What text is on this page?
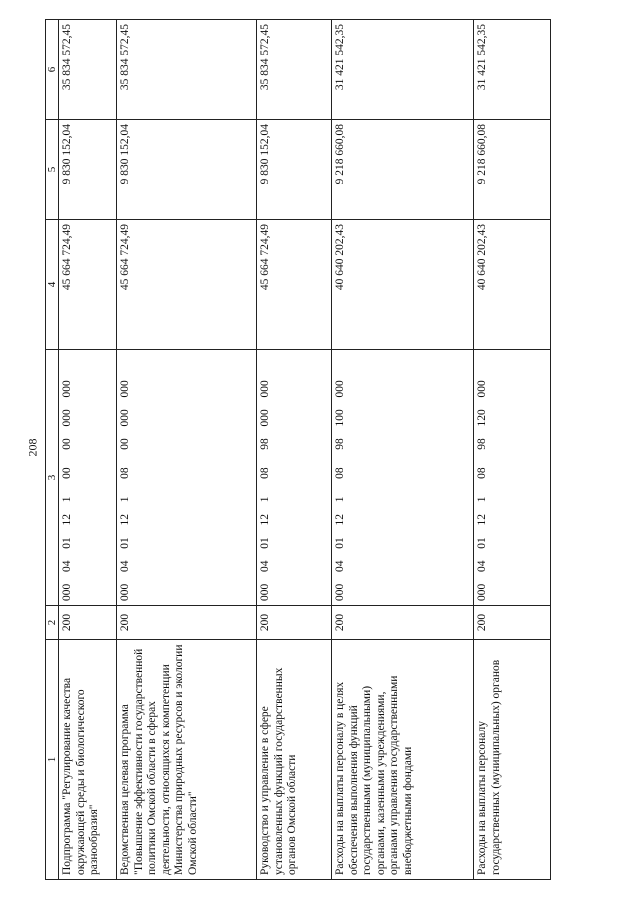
208
1	2	3	4	5	6
Подпрограмма "Регулирование качества окружающей среды и биологического разнообразия"	200	000  04  01  12  1   00   00  000  000	45 664 724,49	9 830 152,04	35 834 572,45
Ведомственная целевая программа "Повышение эффективности государственной политики Омской области в сферах деятельности, относящихся к компетенции Министерства природных ресурсов и экологии Омской области"	200	000  04  01  12  1   08   00  000  000	45 664 724,49	9 830 152,04	35 834 572,45
Руководство и управление в сфере установленных функций государственных органов Омской области	200	000  04  01  12  1   08   98  000  000	45 664 724,49	9 830 152,04	35 834 572,45
Расходы на выплаты персоналу в целях обеспечения выполнения функций государственными (муниципальными) органами, казенными учреждениями, органами управления государственными внебюджетными фондами	200	000  04  01  12  1   08   98  100  000	40 640 202,43	9 218 660,08	31 421 542,35
Расходы на выплаты персоналу государственных (муниципальных) органов	200	000  04  01  12  1   08   98  120  000	40 640 202,43	9 218 660,08	31 421 542,35
